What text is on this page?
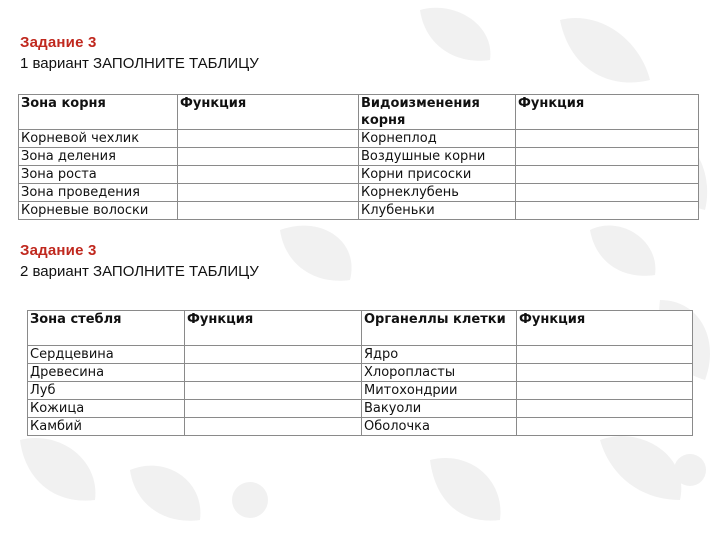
Задание 3
1 вариант ЗАПОЛНИТЕ ТАБЛИЦУ
Зона корня	Функция	Видоизменения корня	Функция
Корневой чехлик		Корнеплод	
Зона деления		Воздушные корни	
Зона роста		Корни присоски	
Зона проведения		Корнеклубень	
Корневые волоски		Клубеньки	
Задание 3
2 вариант ЗАПОЛНИТЕ ТАБЛИЦУ
Зона стебля	Функция	Органеллы клетки	Функция
Сердцевина		Ядро	
Древесина		Хлоропласты	
Луб		Митохондрии	
Кожица		Вакуоли	
Камбий		Оболочка	
